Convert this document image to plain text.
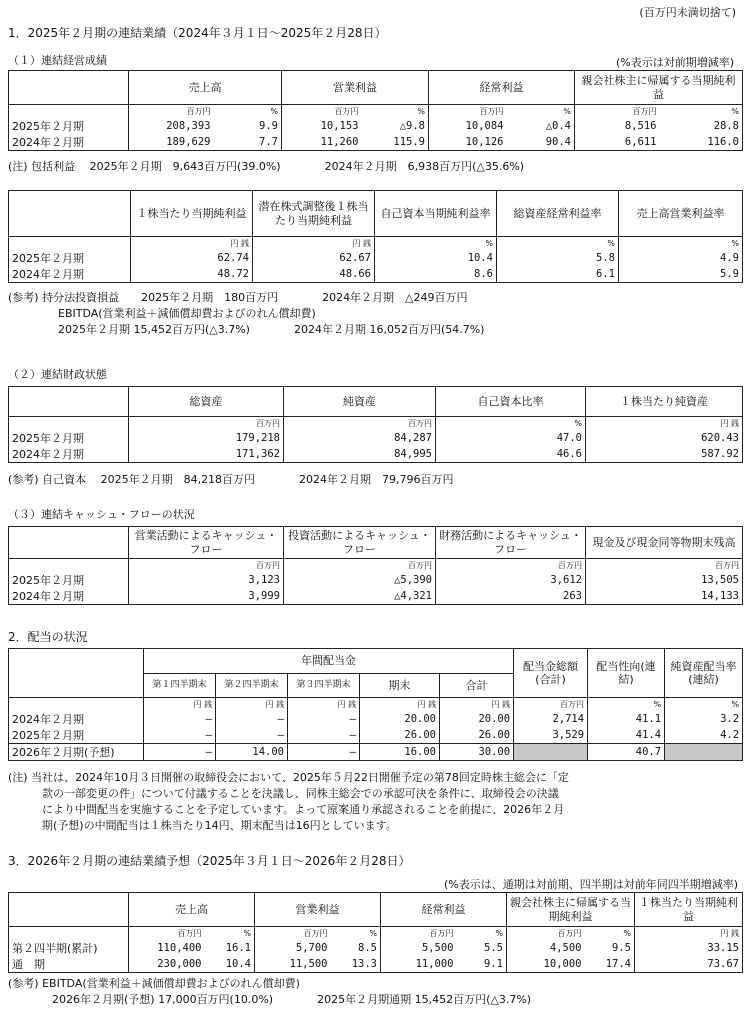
(百万円未満切捨て)
1．2025年２月期の連結業績（2024年３月１日～2025年２月28日）
（１）連結経営成績	(%表示は対前期増減率)
	売上高		営業利益		経常利益		親会社株主に帰属する当期純利益	
	百万円	%	百万円	%	百万円	%	百万円	%
2025年２月期	208,393	9.9	10,153	△9.8	10,084	△0.4	8,516	28.8
2024年２月期	189,629	7.7	11,260	115.9	10,126	90.4	6,611	116.0
(注) 包括利益　 2025年２月期　9,643百万円(39.0%)　　　　2024年２月期　6,938百万円(△35.6%)
	１株当たり当期純利益	潜在株式調整後１株当たり当期純利益	自己資本当期純利益率	総資産経常利益率	売上高営業利益率
	円 銭	円 銭	%	%	%
2025年２月期	62.74	62.67	10.4	5.8	4.9
2024年２月期	48.72	48.66	8.6	6.1	5.9
(参考) 持分法投資損益　　2025年２月期　180百万円　　　　2024年２月期　△249百万円
EBITDA(営業利益＋減価償却費およびのれん償却費)
2025年２月期 15,452百万円(△3.7%)　　　　2024年２月期 16,052百万円(54.7%)
（２）連結財政状態
	総資産	純資産	自己資本比率	１株当たり純資産
	百万円	百万円	%	円 銭
2025年２月期	179,218	84,287	47.0	620.43
2024年２月期	171,362	84,995	46.6	587.92
(参考) 自己資本　 2025年２月期　84,218百万円　　　　2024年２月期　79,796百万円
（３）連結キャッシュ・フローの状況
	営業活動によるキャッシュ・フロー	投資活動によるキャッシュ・フロー	財務活動によるキャッシュ・フロー	現金及び現金同等物期末残高
	百万円	百万円	百万円	百万円
2025年２月期	3,123	△5,390	3,612	13,505
2024年２月期	3,999	△4,321	263	14,133
2．配当の状況
	年間配当金					配当金総額(合計)	配当性向(連結)	純資産配当率(連結)
	第１四半期末	第２四半期末	第３四半期末	期末	合計			
	円 銭	円 銭	円 銭	円 銭	円 銭	百万円	%	%
2024年２月期	―	―	―	20.00	20.00	2,714	41.1	3.2
2025年２月期	―	―	―	26.00	26.00	3,529	41.4	4.2
2026年２月期(予想)	―	14.00	―	16.00	30.00		40.7	
(注) 当社は、2024年10月３日開催の取締役会において、2025年５月22日開催予定の第78回定時株主総会に「定
款の一部変更の件」について付議することを決議し、同株主総会での承認可決を条件に、取締役会の決議
により中間配当を実施することを予定しています。よって原案通り承認されることを前提に、2026年２月
期(予想)の中間配当は１株当たり14円、期末配当は16円としています。
3．2026年２月期の連結業績予想（2025年３月１日～2026年２月28日）
(%表示は、通期は対前期、四半期は対前年同四半期増減率)
	売上高		営業利益		経常利益		親会社株主に帰属する当期純利益		１株当たり当期純利益
	百万円	%	百万円	%	百万円	%	百万円	%	円 銭
第２四半期(累計)	110,400	16.1	5,700	8.5	5,500	5.5	4,500	9.5	33.15
通　期	230,000	10.4	11,500	13.3	11,000	9.1	10,000	17.4	73.67
(参考) EBITDA(営業利益＋減価償却費およびのれん償却費)
2026年２月期(予想) 17,000百万円(10.0%)　　　　2025年２月期通期 15,452百万円(△3.7%)
